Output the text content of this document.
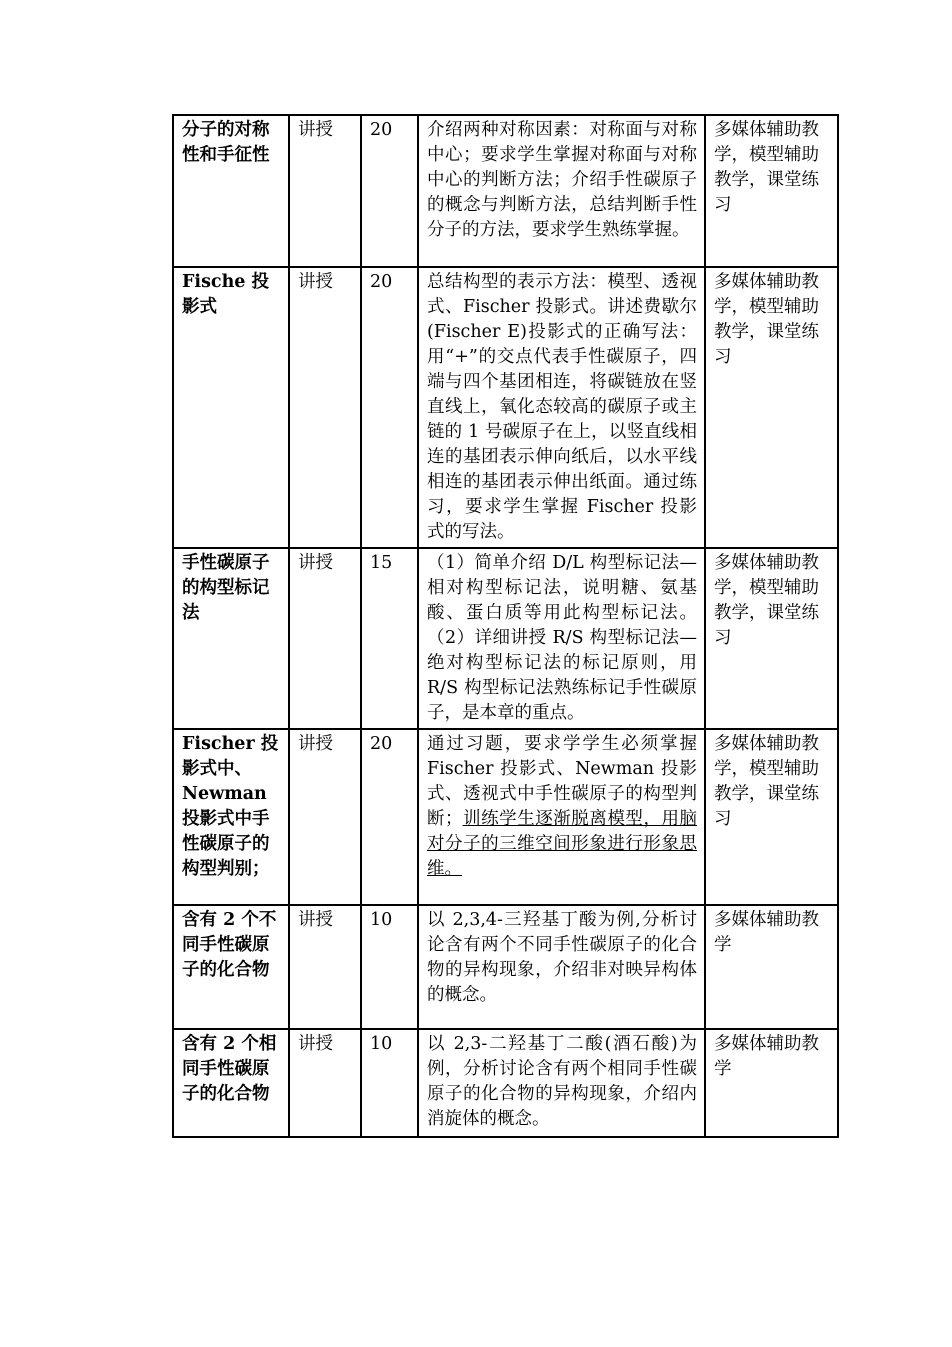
分子的对称性和手征性	讲授	20	介绍两种对称因素：对称面与对称中心；要求学生掌握对称面与对称中心的判断方法；介绍手性碳原子的概念与判断方法，总结判断手性分子的方法，要求学生熟练掌握。	多媒体辅助教学，模型辅助教学，课堂练习
Fische 投影式	讲授	20	总结构型的表示方法：模型、透视式、Fischer 投影式。讲述费歇尔(Fischer E)投影式的正确写法：用“+”的交点代表手性碳原子，四端与四个基团相连，将碳链放在竖直线上，氧化态较高的碳原子或主链的 1 号碳原子在上，以竖直线相连的基团表示伸向纸后，以水平线相连的基团表示伸出纸面。通过练习，要求学生掌握 Fischer 投影式的写法。	多媒体辅助教学，模型辅助教学，课堂练习
手性碳原子的构型标记法	讲授	15	（1）简单介绍 D/L 构型标记法—相对构型标记法，说明糖、氨基酸、蛋白质等用此构型标记法。（2）详细讲授 R/S 构型标记法—绝对构型标记法的标记原则，用 R/S 构型标记法熟练标记手性碳原子，是本章的重点。	多媒体辅助教学，模型辅助教学，课堂练习
Fischer 投影式中、Newman 投影式中手性碳原子的构型判别；	讲授	20	通过习题，要求学学生必须掌握 Fischer 投影式、Newman 投影式、透视式中手性碳原子的构型判断；训练学生逐渐脱离模型，用脑对分子的三维空间形象进行形象思维。	多媒体辅助教学，模型辅助教学，课堂练习
含有 2 个不同手性碳原子的化合物	讲授	10	以 2,3,4-三羟基丁酸为例,分析讨论含有两个不同手性碳原子的化合物的异构现象，介绍非对映异构体的概念。	多媒体辅助教学
含有 2 个相同手性碳原子的化合物	讲授	10	以 2,3-二羟基丁二酸(酒石酸)为例，分析讨论含有两个相同手性碳原子的化合物的异构现象，介绍内消旋体的概念。	多媒体辅助教学
